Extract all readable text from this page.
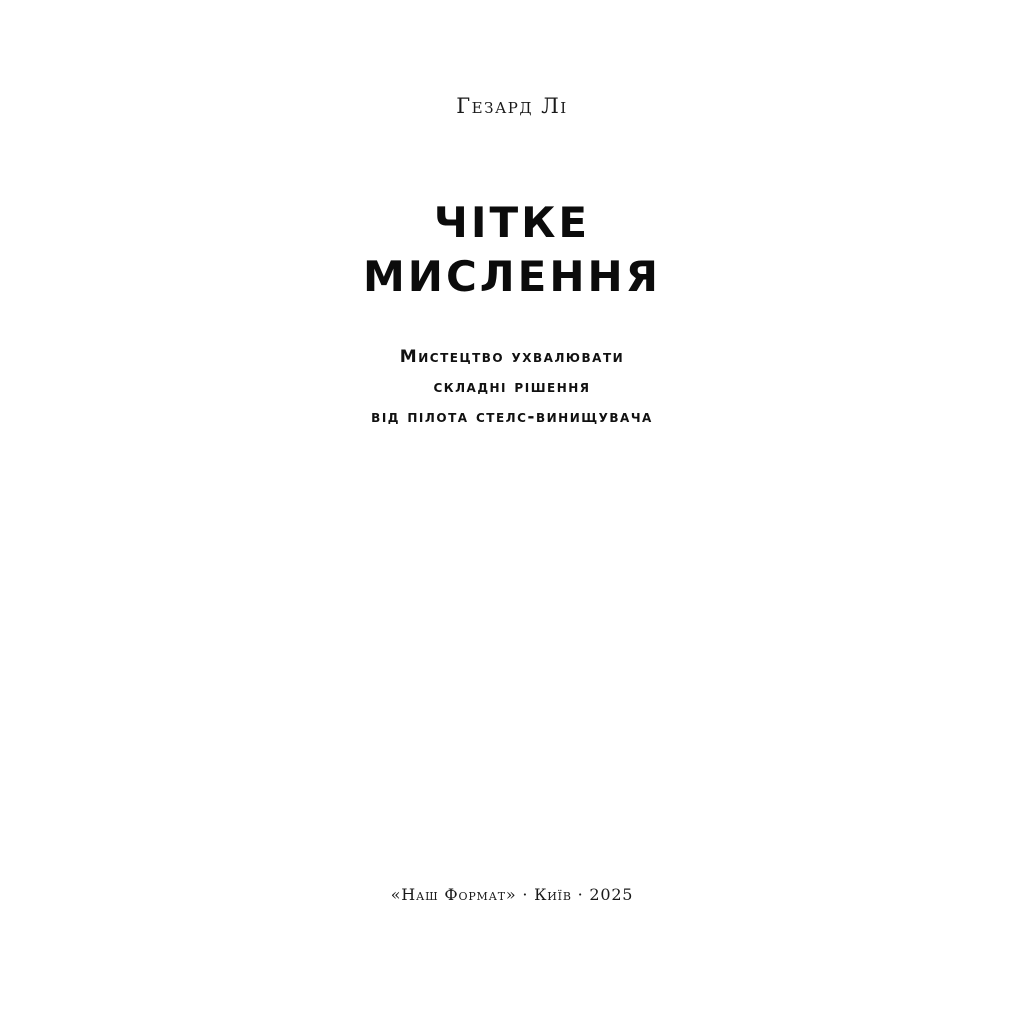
Гезард Лі
ЧІТКЕ
МИСЛЕННЯ
Мистецтво ухвалювати
складні рішення
від пілота стелс-винищувача
«Наш Формат» · Київ · 2025
